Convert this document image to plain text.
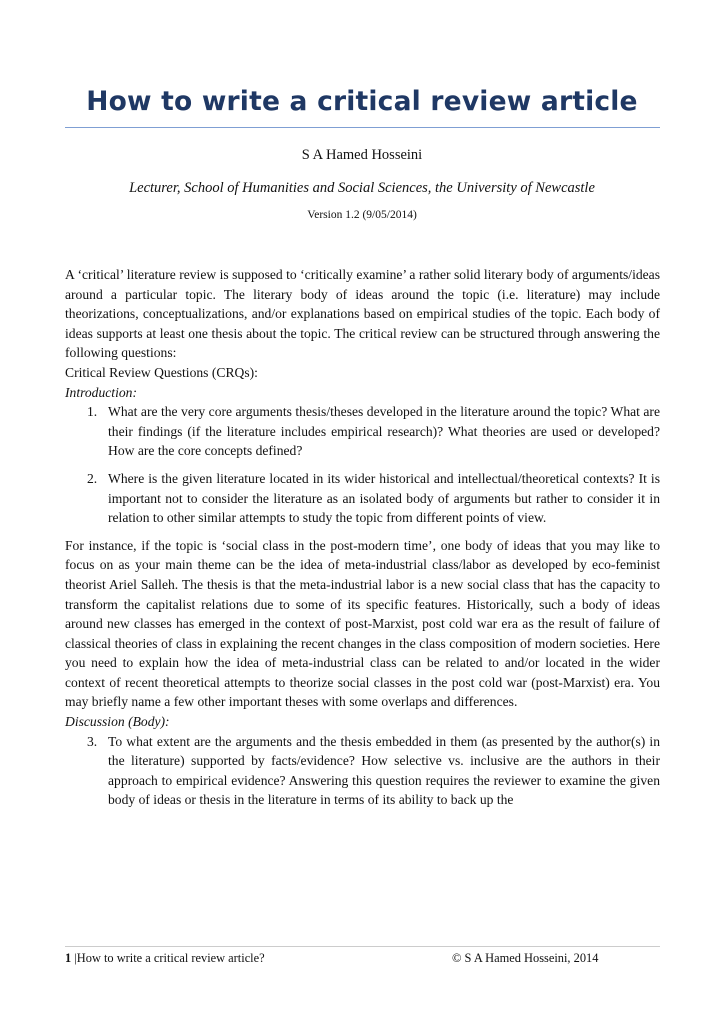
How to write a critical review article
S A Hamed Hosseini
Lecturer, School of Humanities and Social Sciences, the University of Newcastle
Version 1.2 (9/05/2014)

A ‘critical’ literature review is supposed to ‘critically examine’ a rather solid literary body of arguments/ideas around a particular topic. The literary body of ideas around the topic (i.e. literature) may include theorizations, conceptualizations, and/or explanations based on empirical studies of the topic. Each body of ideas supports at least one thesis about the topic. The critical review can be structured through answering the following questions:

Critical Review Questions (CRQs):

Introduction:

1. What are the very core arguments thesis/theses developed in the literature around the topic? What are their findings (if the literature includes empirical research)? What theories are used or developed? How are the core concepts defined?
2. Where is the given literature located in its wider historical and intellectual/theoretical contexts? It is important not to consider the literature as an isolated body of arguments but rather to consider it in relation to other similar attempts to study the topic from different points of view.

For instance, if the topic is ‘social class in the post-modern time’, one body of ideas that you may like to focus on as your main theme can be the idea of meta-industrial class/labor as developed by eco-feminist theorist Ariel Salleh. The thesis is that the meta-industrial labor is a new social class that has the capacity to transform the capitalist relations due to some of its specific features. Historically, such a body of ideas around new classes has emerged in the context of post-Marxist, post cold war era as the result of failure of classical theories of class in explaining the recent changes in the class composition of modern societies. Here you need to explain how the idea of meta-industrial class can be related to and/or located in the wider context of recent theoretical attempts to theorize social classes in the post cold war (post-Marxist) era. You may briefly name a few other important theses with some overlaps and differences.

Discussion (Body):

3. To what extent are the arguments and the thesis embedded in them (as presented by the author(s) in the literature) supported by facts/evidence? How selective vs. inclusive are the authors in their approach to empirical evidence? Answering this question requires the reviewer to examine the given body of ideas or thesis in the literature in terms of its ability to back up the
1 |How to write a critical review article?	© S A Hamed Hosseini, 2014
